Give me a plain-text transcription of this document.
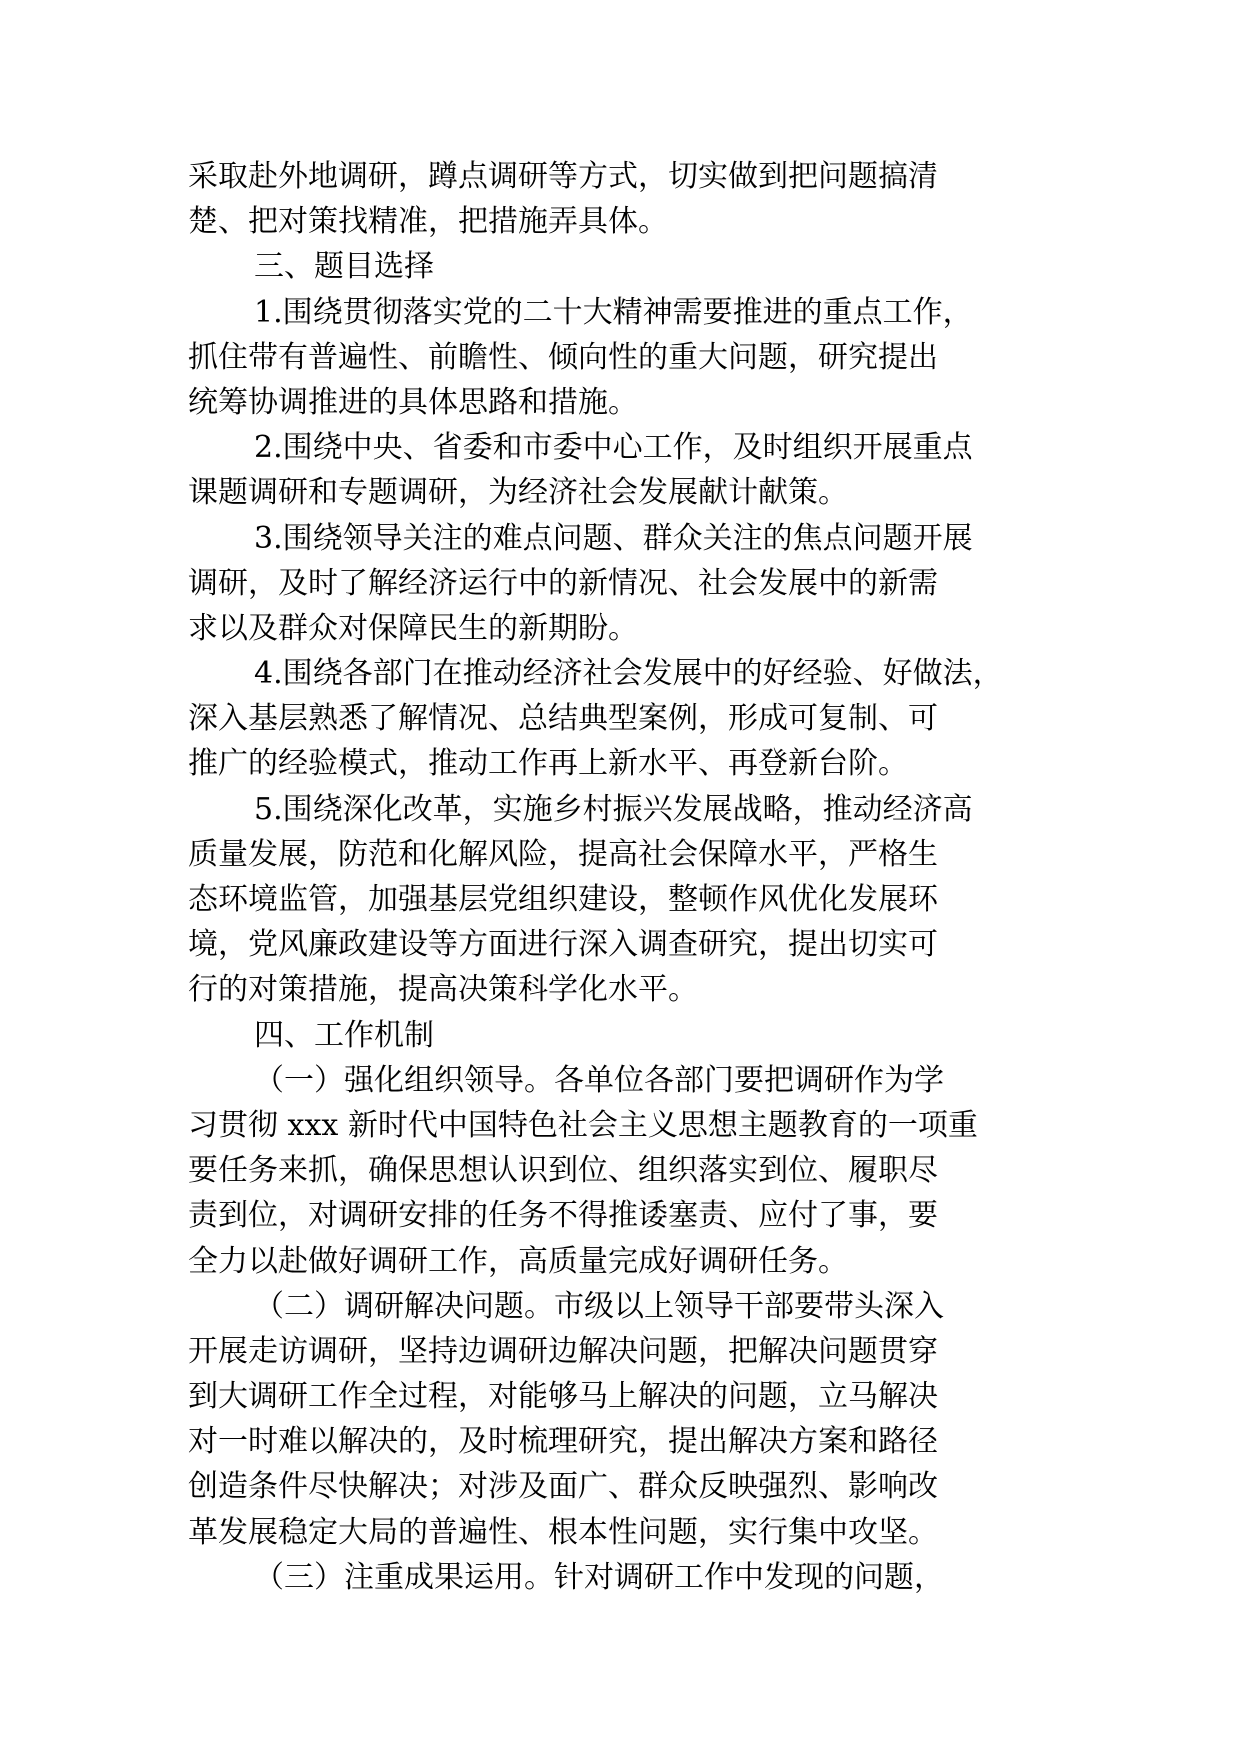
采取赴外地调研，蹲点调研等方式，切实做到把问题搞清
楚、把对策找精准，把措施弄具体。
三、题目选择
1.围绕贯彻落实党的二十大精神需要推进的重点工作，
抓住带有普遍性、前瞻性、倾向性的重大问题，研究提出
统筹协调推进的具体思路和措施。
2.围绕中央、省委和市委中心工作，及时组织开展重点
课题调研和专题调研，为经济社会发展献计献策。
3.围绕领导关注的难点问题、群众关注的焦点问题开展
调研，及时了解经济运行中的新情况、社会发展中的新需
求以及群众对保障民生的新期盼。
4.围绕各部门在推动经济社会发展中的好经验、好做法，
深入基层熟悉了解情况、总结典型案例，形成可复制、可
推广的经验模式，推动工作再上新水平、再登新台阶。
5.围绕深化改革，实施乡村振兴发展战略，推动经济高
质量发展，防范和化解风险，提高社会保障水平，严格生
态环境监管，加强基层党组织建设，整顿作风优化发展环
境，党风廉政建设等方面进行深入调查研究，提出切实可
行的对策措施，提高决策科学化水平。
四、工作机制
（一）强化组织领导。各单位各部门要把调研作为学
习贯彻 xxx 新时代中国特色社会主义思想主题教育的一项重
要任务来抓，确保思想认识到位、组织落实到位、履职尽
责到位，对调研安排的任务不得推诿塞责、应付了事，要
全力以赴做好调研工作，高质量完成好调研任务。
（二）调研解决问题。市级以上领导干部要带头深入
开展走访调研，坚持边调研边解决问题，把解决问题贯穿
到大调研工作全过程，对能够马上解决的问题，立马解决
对一时难以解决的，及时梳理研究，提出解决方案和路径
创造条件尽快解决；对涉及面广、群众反映强烈、影响改
革发展稳定大局的普遍性、根本性问题，实行集中攻坚。
（三）注重成果运用。针对调研工作中发现的问题，
